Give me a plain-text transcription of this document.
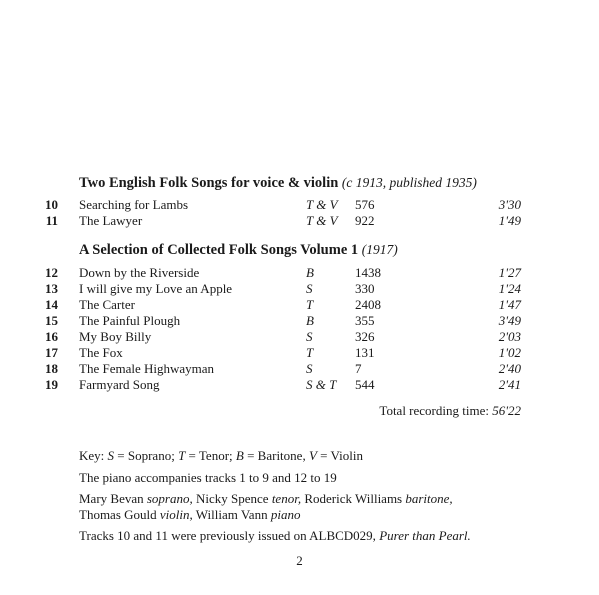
Two English Folk Songs for voice & violin (c 1913, published 1935)
10 Searching for Lambs	T & V 576	3'30
11 The Lawyer	T & V 922	1'49
A Selection of Collected Folk Songs Volume 1 (1917)
12 Down by the Riverside	B	1438	1'27
13 I will give my Love an Apple	S	330	1'24
14 The Carter	T	2408	1'47
15 The Painful Plough	B	355	3'49
16 My Boy Billy	S	326	2'03
17 The Fox	T	131	1'02
18 The Female Highwayman	S	7	2'40
19 Farmyard Song	S & T 544	2'41
Total recording time: 56'22
Key: S = Soprano; T = Tenor; B = Baritone, V = Violin
The piano accompanies tracks 1 to 9 and 12 to 19
Mary Bevan soprano, Nicky Spence tenor, Roderick Williams baritone,
Thomas Gould violin, William Vann piano
Tracks 10 and 11 were previously issued on ALBCD029, Purer than Pearl.
2
